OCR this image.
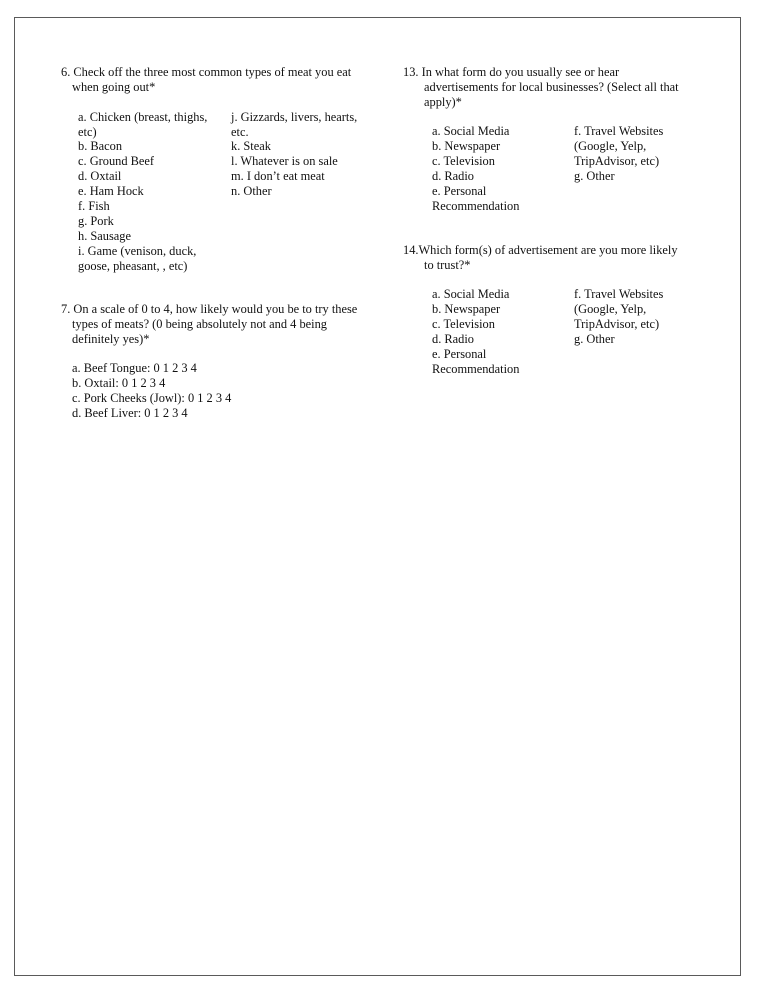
6. Check off the three most common types of meat you eat

when going out*

a. Chicken (breast, thighs,

etc)

b. Bacon

c. Ground Beef

d. Oxtail

e. Ham Hock

f. Fish

g. Pork

h. Sausage

i. Game (venison, duck,

goose, pheasant, , etc)

j. Gizzards, livers, hearts,

etc.

k. Steak

l. Whatever is on sale

m. I don’t eat meat

n. Other

7. On a scale of 0 to 4, how likely would you be to try these

types of meats? (0 being absolutely not and 4 being

definitely yes)*

a. Beef Tongue: 0 1 2 3 4

b. Oxtail: 0 1 2 3 4

c. Pork Cheeks (Jowl): 0 1 2 3 4

d. Beef Liver: 0 1 2 3 4

13. In what form do you usually see or hear

advertisements for local businesses? (Select all that

apply)*

a. Social Media

b. Newspaper

c. Television

d. Radio

e. Personal

Recommendation

f. Travel Websites

(Google, Yelp,

TripAdvisor, etc)

g. Other

14.Which form(s) of advertisement are you more likely

to trust?*

a. Social Media

b. Newspaper

c. Television

d. Radio

e. Personal

Recommendation

f. Travel Websites

(Google, Yelp,

TripAdvisor, etc)

g. Other
